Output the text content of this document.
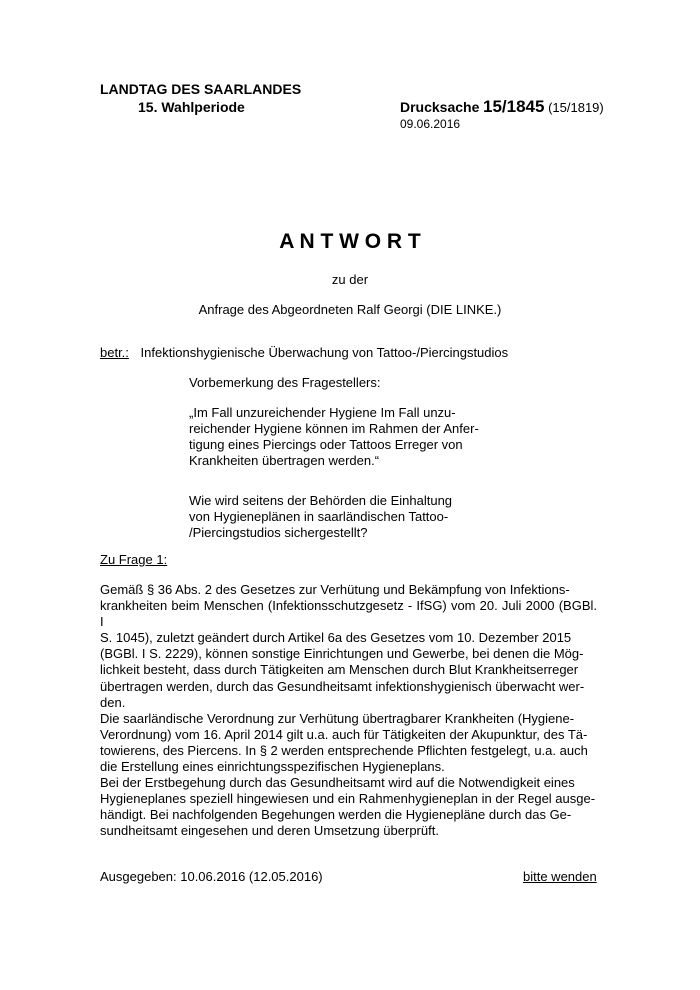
LANDTAG DES SAARLANDES
15. Wahlperiode	Drucksache 15/1845 (15/1819)
09.06.2016
A N T W O R T
zu der
Anfrage des Abgeordneten Ralf Georgi (DIE LINKE.)
betr.: Infektionshygienische Überwachung von Tattoo-/Piercingstudios
Vorbemerkung des Fragestellers:
„Im Fall unzureichender Hygiene Im Fall unzu-
reichender Hygiene können im Rahmen der Anfer-
tigung eines Piercings oder Tattoos Erreger von
Krankheiten übertragen werden.“
Wie wird seitens der Behörden die Einhaltung
von Hygieneplänen in saarländischen Tattoo-
/Piercingstudios sichergestellt?
Zu Frage 1:
Gemäß § 36 Abs. 2 des Gesetzes zur Verhütung und Bekämpfung von Infektions-
krankheiten beim Menschen (Infektionsschutzgesetz - IfSG) vom 20. Juli 2000 (BGBl. I
S. 1045), zuletzt geändert durch Artikel 6a des Gesetzes vom 10. Dezember 2015
(BGBl. I S. 2229), können sonstige Einrichtungen und Gewerbe, bei denen die Mög-
lichkeit besteht, dass durch Tätigkeiten am Menschen durch Blut Krankheitserreger
übertragen werden, durch das Gesundheitsamt infektionshygienisch überwacht wer-
den.
Die saarländische Verordnung zur Verhütung übertragbarer Krankheiten (Hygiene-
Verordnung) vom 16. April 2014 gilt u.a. auch für Tätigkeiten der Akupunktur, des Tä-
towierens, des Piercens. In § 2 werden entsprechende Pflichten festgelegt, u.a. auch
die Erstellung eines einrichtungsspezifischen Hygieneplans.
Bei der Erstbegehung durch das Gesundheitsamt wird auf die Notwendigkeit eines
Hygieneplanes speziell hingewiesen und ein Rahmenhygieneplan in der Regel ausge-
händigt. Bei nachfolgenden Begehungen werden die Hygienepläne durch das Ge-
sundheitsamt eingesehen und deren Umsetzung überprüft.
Ausgegeben: 10.06.2016 (12.05.2016)	bitte wenden
